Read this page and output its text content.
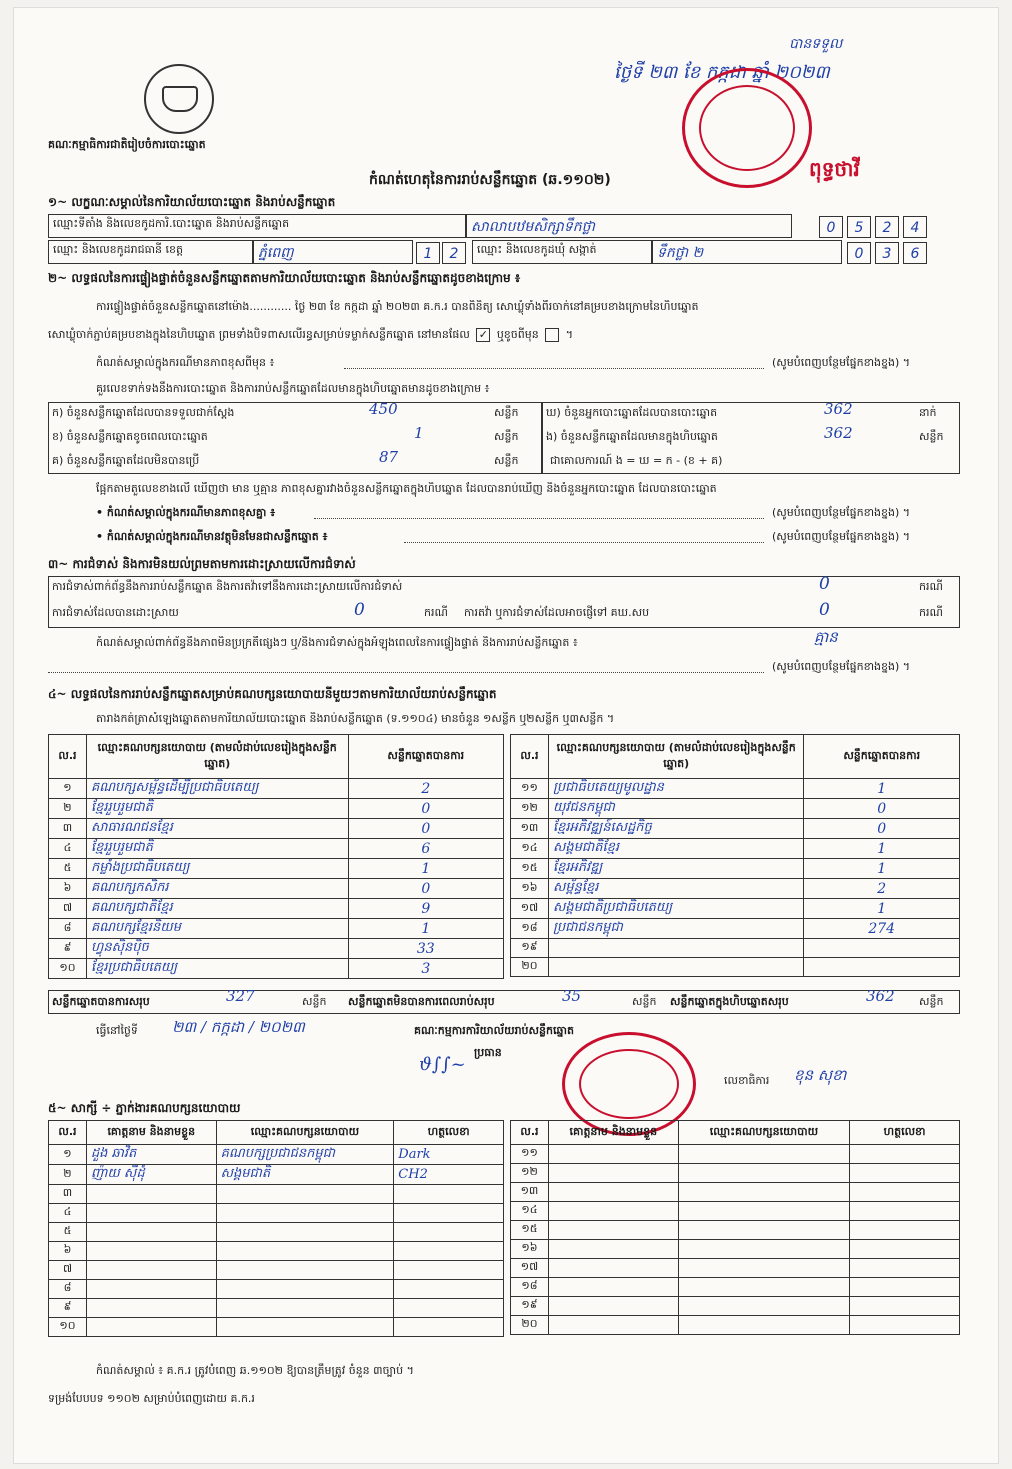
គណៈកម្មាធិការជាតិរៀបចំការបោះឆ្នោត
កំណត់ហេតុនៃការរាប់សន្លឹកឆ្នោត (ឆ.១១០២)
ថ្ងៃទី ២៣ ខែ កក្កដា ឆ្នាំ ២០២៣
បានទទួល
ពុទ្ធថាវី
១~ លក្ខណៈសម្គាល់នៃការិយាល័យបោះឆ្នោត និងរាប់សន្លឹកឆ្នោត
ឈ្មោះទីតាំង និងលេខកូដការិ.បោះឆ្នោត និងរាប់សន្លឹកឆ្នោត	សាលាបឋមសិក្សាទឹកថ្លា	0	5	2	4
ឈ្មោះ និងលេខកូដរាជធានី ខេត្ត	ភ្នំពេញ	1	2	ឈ្មោះ និងលេខកូដឃុំ សង្កាត់	ទឹកថ្លា ២	0	3	6
២~ លទ្ធផលនៃការផ្ទៀងផ្ទាត់ចំនួនសន្លឹកឆ្នោតតាមការិយាល័យបោះឆ្នោត និងរាប់សន្លឹកឆ្នោតដូចខាងក្រោម ៖
ការផ្ទៀងផ្ទាត់ចំនួនសន្លឹកឆ្នោតនៅម៉ោង............ ថ្ងៃ ២៣ ខែ កក្កដា ឆ្នាំ ២០២៣ គ.ក.រ បានពិនិត្យ សោឃ្លុំទាំងពីរចាក់នៅគម្របខាងក្រោមនៃហិបឆ្នោត
សោឃ្លុំចាក់ភ្ជាប់គម្របខាងក្នុងនៃហិបឆ្នោត ព្រមទាំងបិទពាសលើរន្ធសម្រាប់ទម្លាក់សន្លឹកឆ្នោត នៅមានផែល ✓ ឬខូចពីមុន  ។
កំណត់សម្គាល់ក្នុងករណីមានភាពខុសពីមុន ៖	(សូមបំពេញបន្ថែមផ្នែកខាងខ្នង) ។
គួរលេខទាក់ទងនឹងការបោះឆ្នោត និងការរាប់សន្លឹកឆ្នោតដែលមានក្នុងហិបឆ្នោតមានដូចខាងក្រោម ៖
ក) ចំនួនសន្លឹកឆ្នោតដែលបានទទួលជាក់ស្តែង	450	សន្លឹក
ខ) ចំនួនសន្លឹកឆ្នោតខូចពេលបោះឆ្នោត	1	សន្លឹក
គ) ចំនួនសន្លឹកឆ្នោតដែលមិនបានប្រើ	87	សន្លឹក
ឃ) ចំនួនអ្នកបោះឆ្នោតដែលបានបោះឆ្នោត	362	នាក់
ង) ចំនួនសន្លឹកឆ្នោតដែលមានក្នុងហិបឆ្នោត	362	សន្លឹក
ជាគោលការណ៍ ង = ឃ = ក - (ខ + គ)
ផ្អែកតាមតួលេខខាងលើ ឃើញថា មាន ឬគ្មាន ភាពខុសគ្នារវាងចំនួនសន្លឹកឆ្នោតក្នុងហិបឆ្នោត ដែលបានរាប់ឃើញ និងចំនួនអ្នកបោះឆ្នោត ដែលបានបោះឆ្នោត
• កំណត់សម្គាល់ក្នុងករណីមានភាពខុសគ្នា ៖	(សូមបំពេញបន្ថែមផ្នែកខាងខ្នង) ។
• កំណត់សម្គាល់ក្នុងករណីមានវត្ថុមិនមែនជាសន្លឹកឆ្នោត ៖	(សូមបំពេញបន្ថែមផ្នែកខាងខ្នង) ។
៣~ ការជំទាស់ និងការមិនយល់ព្រមតាមការដោះស្រាយលើការជំទាស់
ការជំទាស់ពាក់ព័ន្ធនឹងការរាប់សន្លឹកឆ្នោត និងការតវ៉ាទៅនឹងការដោះស្រាយលើការជំទាស់	0	ករណី
ការជំទាស់ដែលបានដោះស្រាយ	0	ករណី ការតវ៉ា ឬការជំទាស់ដែលអាចផ្ញើទៅ គឃ.សប	0	ករណី
កំណត់សម្គាល់ពាក់ព័ន្ធនឹងភាពមិនប្រក្រតីផ្សេងៗ ឬ/និងការជំទាស់ក្នុងអំឡុងពេលនៃការផ្ទៀងផ្ទាត់ និងការរាប់សន្លឹកឆ្នោត ៖	គ្មាន
(សូមបំពេញបន្ថែមផ្នែកខាងខ្នង) ។
៤~ លទ្ធផលនៃការរាប់សន្លឹកឆ្នោតសម្រាប់គណបក្សនយោបាយនីមួយៗតាមការិយាល័យរាប់សន្លឹកឆ្នោត
តារាងកត់ត្រាសំឡេងឆ្នោតតាមការិយាល័យបោះឆ្នោត និងរាប់សន្លឹកឆ្នោត (ទ.១១០៤) មានចំនួន ១សន្លឹក ឬ២សន្លឹក ឬ៣សន្លឹក ។
ល.រ	ឈ្មោះគណបក្សនយោបាយ (តាមលំដាប់លេខរៀងក្នុងសន្លឹកឆ្នោត)	សន្លឹកឆ្នោតបានការ
១	គណបក្សសម្ព័ន្ធដើម្បីប្រជាធិបតេយ្យ	2
២	ខ្មែររួបរួមជាតិ	0
៣	សាធារណជនខ្មែរ	0
៤	ខ្មែររួបរួមជាតិ	6
៥	កម្លាំងប្រជាធិបតេយ្យ	1
៦	គណបក្សកសិករ	0
៧	គណបក្សជាតិខ្មែរ	9
៨	គណបក្សខ្មែរនិយម	1
៩	ហ្វុនស៊ិនប៉ិច	33
១០	ខ្មែរប្រជាធិបតេយ្យ	3
ល.រ	ឈ្មោះគណបក្សនយោបាយ (តាមលំដាប់លេខរៀងក្នុងសន្លឹកឆ្នោត)	សន្លឹកឆ្នោតបានការ
១១	ប្រជាធិបតេយ្យមូលដ្ឋាន	1
១២	យុវជនកម្ពុជា	0
១៣	ខ្មែរអភិវឌ្ឍន៍សេដ្ឋកិច្ច	0
១៤	សង្គមជាតិខ្មែរ	1
១៥	ខ្មែរអភិវឌ្ឍ	1
១៦	សម្ព័ន្ធខ្មែរ	2
១៧	សង្គមជាតិប្រជាធិបតេយ្យ	1
១៨	ប្រជាជនកម្ពុជា	274
១៩		
២០		
សន្លឹកឆ្នោតបានការសរុប	327	សន្លឹក សន្លឹកឆ្នោតមិនបានការពេលរាប់សរុប	35	សន្លឹក សន្លឹកឆ្នោតក្នុងហិបឆ្នោតសរុប	362 សន្លឹក
ធ្វើនៅថ្ងៃទី ២៣ / កក្កដា / ២០២៣	គណៈកម្មការការិយាល័យរាប់សន្លឹកឆ្នោត
ប្រធាន
ϑ∫∫~
លេខាធិការ ខុន សុខា
៥~ សាក្សី ÷ ភ្នាក់ងារគណបក្សនយោបាយ
ល.រ	គោត្តនាម និងនាមខ្លួន	ឈ្មោះគណបក្សនយោបាយ	ហត្ថលេខា
១	ដួង ឆាវិត	គណបក្សប្រជាជនកម្ពុជា	Dark
២	ញ៉ាយ ស៊ីដុំ	សង្គមជាតិ	CH2
៣			
៤			
៥			
៦			
៧			
៨			
៩			
១០			
ល.រ	គោត្តនាម និងនាមខ្លួន	ឈ្មោះគណបក្សនយោបាយ	ហត្ថលេខា
១១			
១២			
១៣			
១៤			
១៥			
១៦			
១៧			
១៨			
១៩			
២០			
កំណត់សម្គាល់ ៖ គ.ក.រ ត្រូវបំពេញ ឆ.១១០២ ឱ្យបានត្រឹមត្រូវ ចំនួន ៣ច្បាប់ ។
ទម្រង់បែបបទ ១១០២ សម្រាប់បំពេញដោយ គ.ក.រ
